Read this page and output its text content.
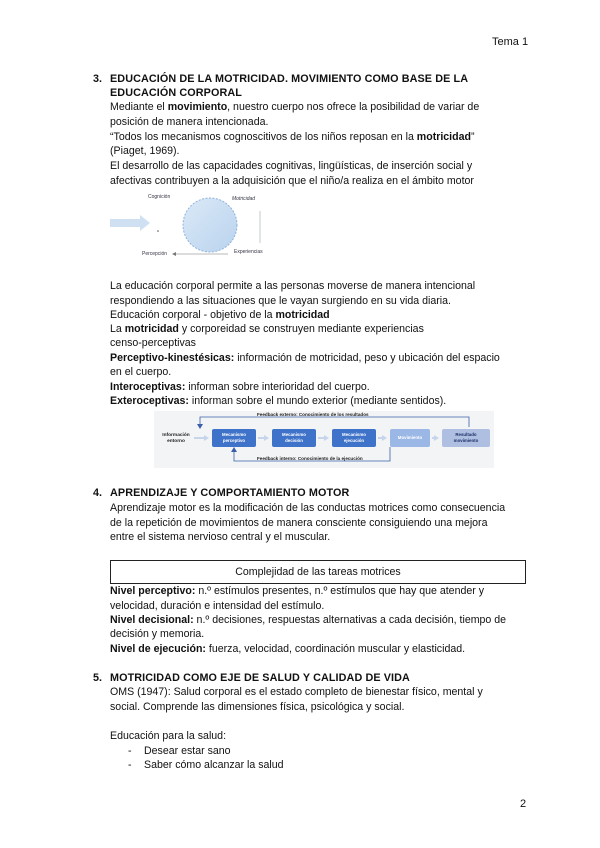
Tema 1
3. EDUCACIÓN DE LA MOTRICIDAD. MOVIMIENTO COMO BASE DE LA
EDUCACIÓN CORPORAL
Mediante el movimiento, nuestro cuerpo nos ofrece la posibilidad de variar de
posición de manera intencionada.
“Todos los mecanismos cognoscitivos de los niños reposan en la motricidad”
(Piaget, 1969).
El desarrollo de las capacidades cognitivas, lingüísticas, de inserción social y
afectivas contribuyen a la adquisición que el niño/a realiza en el ámbito motor
Cognición	Motricidad
Percepción	Experiencias
La educación corporal permite a las personas moverse de manera intencional
respondiendo a las situaciones que le vayan surgiendo en su vida diaria.
Educación corporal - objetivo de la motricidad
La motricidad y corporeidad se construyen mediante experiencias
censo-perceptivas
Perceptivo-kinestésicas: información de motricidad, peso y ubicación del espacio
en el cuerpo.
Interoceptivas: informan sobre interioridad del cuerpo.
Exteroceptivas: informan sobre el mundo exterior (mediante sentidos).
Feedback externo: Conocimiento de los resultados
Feedback interno: Conocimiento de la ejecución
Información
entorno
Mecanismo
perceptivo
Mecanismo
decisión
Mecanismo
ejecución
Movimiento
Resultado
movimiento
4. APRENDIZAJE Y COMPORTAMIENTO MOTOR
Aprendizaje motor es la modificación de las conductas motrices como consecuencia
de la repetición de movimientos de manera consciente consiguiendo una mejora
entre el sistema nervioso central y el muscular.
Complejidad de las tareas motrices
Nivel perceptivo: n.º estímulos presentes, n.º estímulos que hay que atender y
velocidad, duración e intensidad del estímulo.
Nivel decisional: n.º decisiones, respuestas alternativas a cada decisión, tiempo de
decisión y memoria.
Nivel de ejecución: fuerza, velocidad, coordinación muscular y elasticidad.
5. MOTRICIDAD COMO EJE DE SALUD Y CALIDAD DE VIDA
OMS (1947): Salud corporal es el estado completo de bienestar físico, mental y
social. Comprende las dimensiones física, psicológica y social.
Educación para la salud:
- Desear estar sano
- Saber cómo alcanzar la salud
2
